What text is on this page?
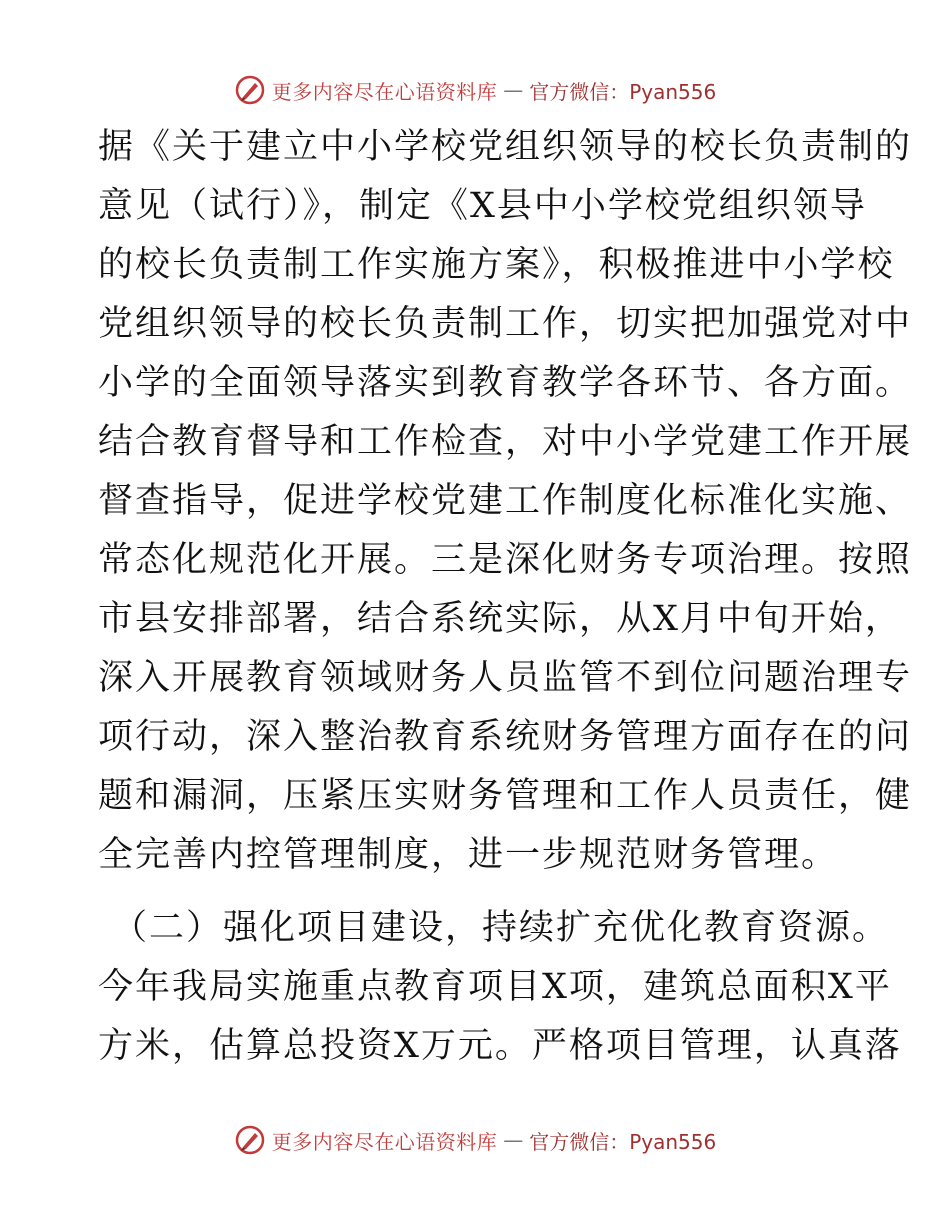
更多内容尽在心语资料库 — 官方微信：Pyan556
据《关于建立中小学校党组织领导的校长负责制的
意见（试行）》，制定《X县中小学校党组织领导
的校长负责制工作实施方案》，积极推进中小学校
党组织领导的校长负责制工作，切实把加强党对中
小学的全面领导落实到教育教学各环节、各方面。
结合教育督导和工作检查，对中小学党建工作开展
督查指导，促进学校党建工作制度化标准化实施、
常态化规范化开展。三是深化财务专项治理。按照
市县安排部署，结合系统实际，从X月中旬开始，
深入开展教育领域财务人员监管不到位问题治理专
项行动，深入整治教育系统财务管理方面存在的问
题和漏洞，压紧压实财务管理和工作人员责任，健
全完善内控管理制度，进一步规范财务管理。
（二）强化项目建设，持续扩充优化教育资源。
今年我局实施重点教育项目X项，建筑总面积X平
方米，估算总投资X万元。严格项目管理，认真落
更多内容尽在心语资料库 — 官方微信：Pyan556
